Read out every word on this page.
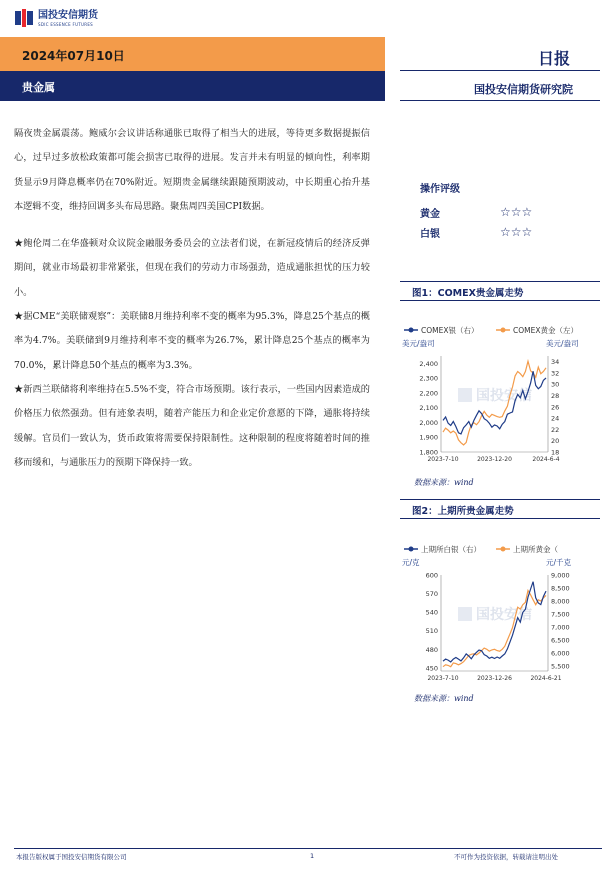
国投安信期货
SDIC ESSENCE FUTURES
2024年07月10日
贵金属
日报
国投安信期货研究院

隔夜贵金属震荡。鲍威尔会议讲话称通胀已取得了相当大的进展，等待更多数据提振信心，过早过多放松政策都可能会损害已取得的进展。发言并未有明显的倾向性，利率期货显示9月降息概率仍在70%附近。短期贵金属继续跟随预期波动，中长期重心抬升基本逻辑不变，维持回调多头布局思路。聚焦周四美国CPI数据。

★鲍伦周二在华盛顿对众议院金融服务委员会的立法者们说，在新冠疫情后的经济反弹期间，就业市场最初非常紧张，但现在我们的劳动力市场强劲，造成通胀担忧的压力较小。

★据CME“美联储观察”：美联储8月维持利率不变的概率为95.3%，降息25个基点的概率为4.7%。美联储到9月维持利率不变的概率为26.7%，累计降息25个基点的概率为70.0%，累计降息50个基点的概率为3.3%。

★新西兰联储将利率维持在5.5%不变，符合市场预期。该行表示，一些国内因素造成的价格压力依然强劲。但有迹象表明，随着产能压力和企业定价意愿的下降，通胀将持续缓解。官员们一致认为，货币政策将需要保持限制性。这种限制的程度将随着时间的推移而缓和，与通胀压力的预期下降保持一致。

操作评级
黄金	☆☆☆
白银	☆☆☆
图1：COMEX贵金属走势
COMEX银（右）	COMEX黄金（左）
美元/盎司	美元/盎司
国投安信
1,800
1,900
2,000
2,100
2,200
2,300
2,400
18
20
22
24
26
28
30
32
34
2023-7-10	2023-12-20	2024-6-4
数据来源：wind
图2：上期所贵金属走势
上期所白银（右）	上期所黄金（
元/克	元/千克
国投安信
450
480
510
540
570
600
5,500
6,000
6,500
7,000
7,500
8,000
8,500
9,000
2023-7-10	2023-12-26	2024-6-21
数据来源：wind
本报告版权属于国投安信期货有限公司	1	不可作为投资依据，转载请注明出处
